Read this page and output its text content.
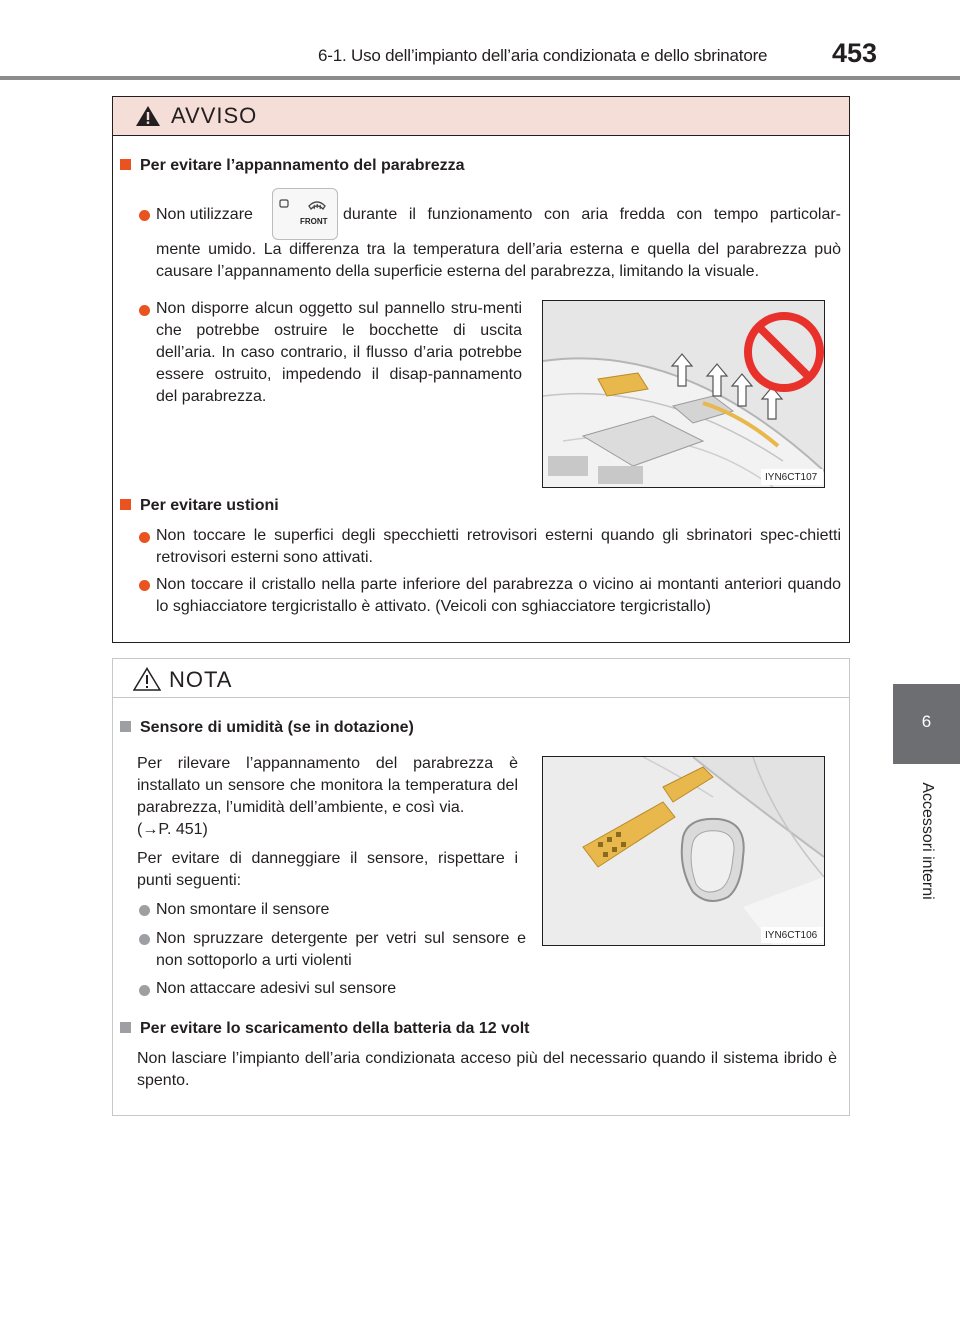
6-1. Uso dell’impianto dell’aria condizionata e dello sbrinatore 453
6
Accessori interni
AVVISO
Per evitare l’appannamento del parabrezza
Non utilizzare	FRONT durante il funzionamento con aria fredda con tempo particolar-
mente umido. La differenza tra la temperatura dell’aria esterna e quella del parabrezza può causare l’appannamento della superficie esterna del parabrezza, limitando la visuale.
Non disporre alcun oggetto sul pannello stru-menti che potrebbe ostruire le bocchette di uscita dell’aria. In caso contrario, il flusso d’aria potrebbe essere ostruito, impedendo il disap-pannamento del parabrezza.
IYN6CT107
Per evitare ustioni
Non toccare le superfici degli specchietti retrovisori esterni quando gli sbrinatori spec-chietti retrovisori esterni sono attivati.
Non toccare il cristallo nella parte inferiore del parabrezza o vicino ai montanti anteriori quando lo sghiacciatore tergicristallo è attivato. (Veicoli con sghiacciatore tergicristallo)
NOTA
Sensore di umidità (se in dotazione)
Per rilevare l’appannamento del parabrezza è installato un sensore che monitora la temperatura del parabrezza, l’umidità dell’ambiente, e così via.
(→P. 451)
Per evitare di danneggiare il sensore, rispettare i punti seguenti:
Non smontare il sensore
Non spruzzare detergente per vetri sul sensore e non sottoporlo a urti violenti
Non attaccare adesivi sul sensore
IYN6CT106
Per evitare lo scaricamento della batteria da 12 volt
Non lasciare l’impianto dell’aria condizionata acceso più del necessario quando il sistema ibrido è spento.
